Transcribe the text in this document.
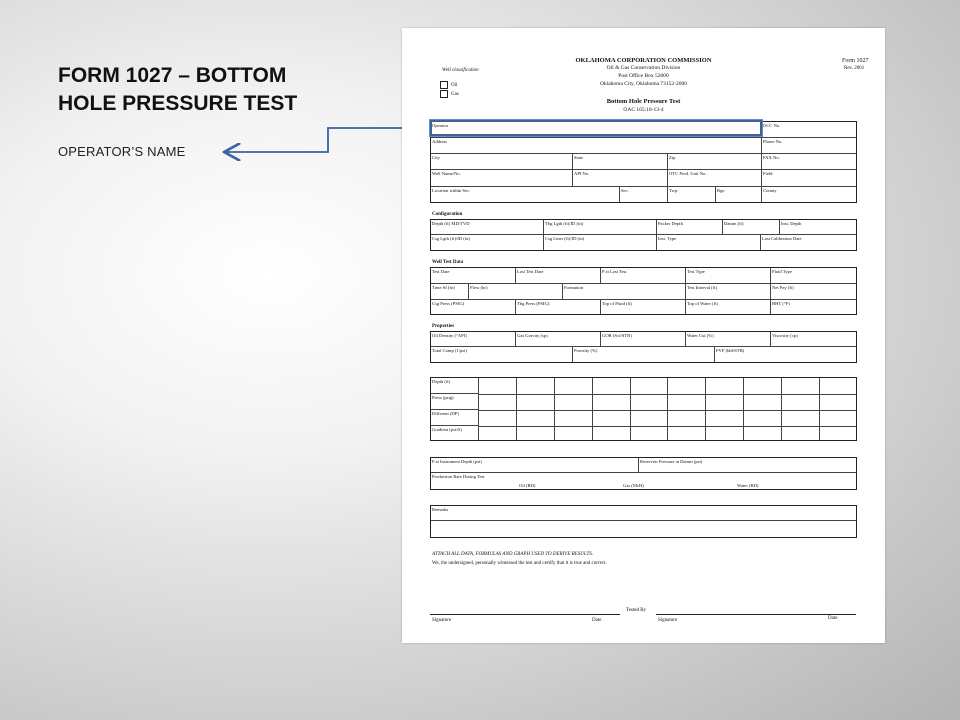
FORM 1027 – BOTTOM
HOLE PRESSURE TEST
OPERATOR’S NAME
Form 1027
Rev. 2001
OKLAHOMA CORPORATION COMMISSION
Oil & Gas Conservation Division
Post Office Box 52000
Oklahoma City, Oklahoma 73152-2000
Bottom Hole Pressure Test
OAC 165:10-13-4
Well classification
Oil
Gas
Operator	OCC No.
Address	Phone No.
City	State	Zip	FAX No.
Well Name/No.	API No.	OTC Prod. Unit No.	Field
Location within Sec.	Sec.	Twp.	Rge.	County
Configuration
Depth (ft) MD/TVD	Tbg Lgth (ft)/ID (in)	Packer Depth	Datum (ft)	Inst. Depth
Csg Lgth (ft)/ID (in)	Csg Liner (ft)/ID (in)	Inst. Type	Last Calibration Date
Well Test Data
Test Date	Last Test Date	P at Last Test	Test Type	Fluid Type
Time SI (hr)	Flow (hr)	Formation	Test Interval (ft)	Net Pay (ft)
Csg Press (PSIG)	Tbg Press (PSIG)	Top of Fluid (ft)	Top of Water (ft)	BHT (°F)
Properties
Oil Density (°API)	Gas Gravity (sp)	GOR (Scf/STB)	Water Cut (%)	Viscosity (cp)
Total Comp (1/psi)	Porosity (%)	FVF (bbl/STB)
Depth (ft)
Press (psig)
Different (DP)
Gradient (psi/ft)
P at Instrument Depth (psi)	Reservoir Pressure at Datum (psi)
Production Rate During Test
Oil (BD)	Gas (McH)	Water (BD)
Remarks
ATTACH ALL DATA, FORMULAS AND GRAPH USED TO DERIVE RESULTS.
We, the undersigned, personally witnessed the test and certify that it is true and correct.
Tested By
Signature	Date	Signature	Date
